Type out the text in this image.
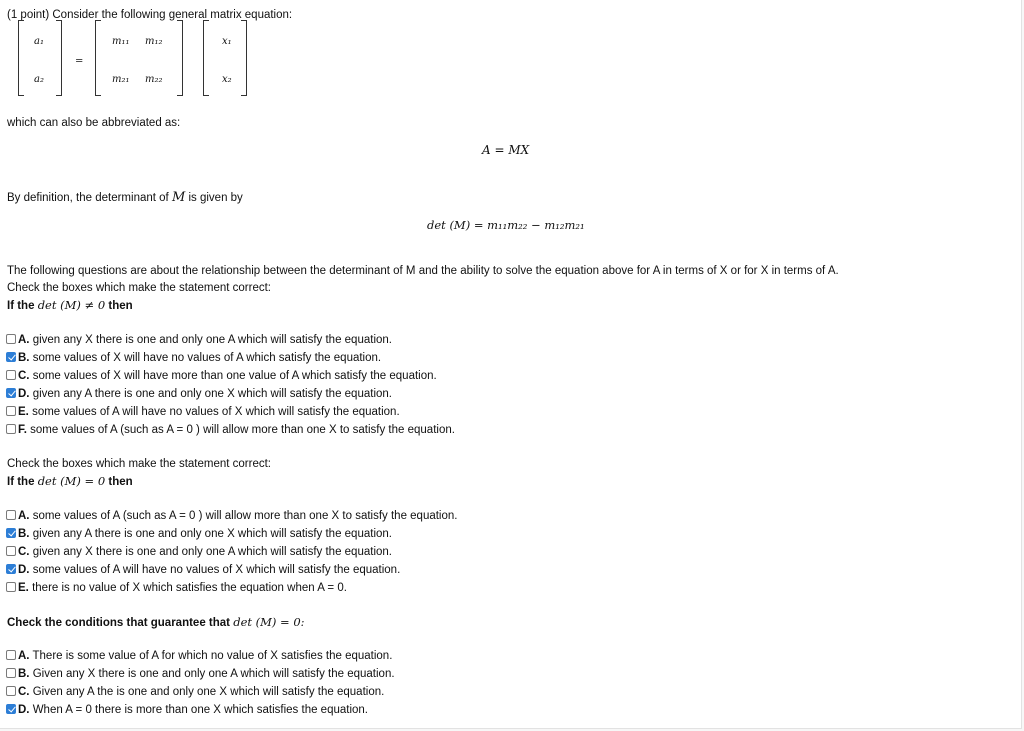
(1 point) Consider the following general matrix equation:
a₁
a₂
=
m₁₁ m₁₂
m₂₁ m₂₂
x₁
x₂
which can also be abbreviated as:
A = MX
By definition, the determinant of M is given by
det (M) = m₁₁m₂₂ − m₁₂m₂₁
The following questions are about the relationship between the determinant of M and the ability to solve the equation above for A in terms of X or for X in terms of A.
Check the boxes which make the statement correct:
If the det (M) ≠ 0 then
A. given any X there is one and only one A which will satisfy the equation.
B. some values of X will have no values of A which satisfy the equation.
C. some values of X will have more than one value of A which satisfy the equation.
D. given any A there is one and only one X which will satisfy the equation.
E. some values of A will have no values of X which will satisfy the equation.
F. some values of A (such as A = 0 ) will allow more than one X to satisfy the equation.
Check the boxes which make the statement correct:
If the det (M) = 0 then
A. some values of A (such as A = 0 ) will allow more than one X to satisfy the equation.
B. given any A there is one and only one X which will satisfy the equation.
C. given any X there is one and only one A which will satisfy the equation.
D. some values of A will have no values of X which will satisfy the equation.
E. there is no value of X which satisfies the equation when A = 0.
Check the conditions that guarantee that det (M) = 0:
A. There is some value of A for which no value of X satisfies the equation.
B. Given any X there is one and only one A which will satisfy the equation.
C. Given any A the is one and only one X which will satisfy the equation.
D. When A = 0 there is more than one X which satisfies the equation.
